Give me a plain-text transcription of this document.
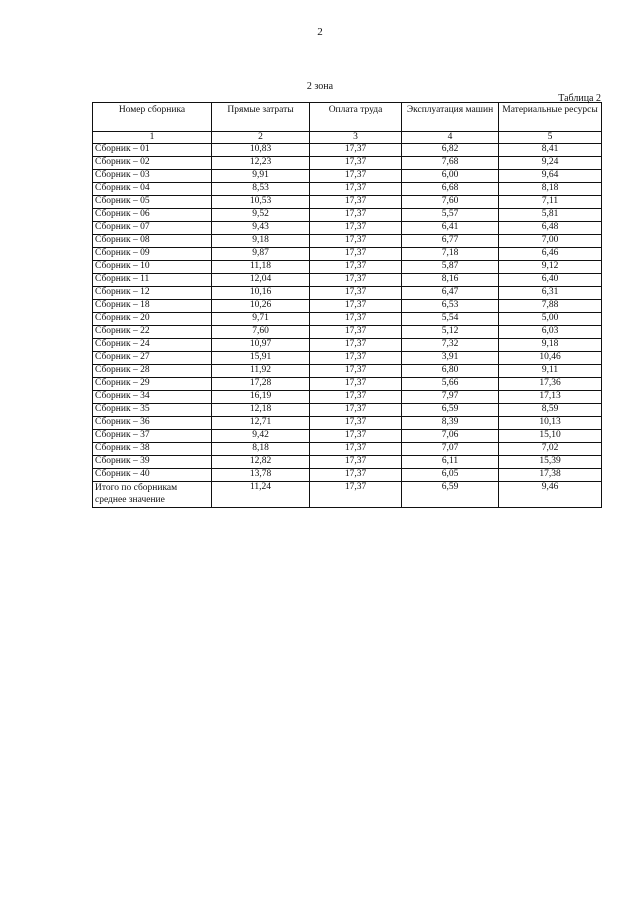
2
2 зона
Таблица 2
Номер сборника	Прямые затраты	Оплата труда	Эксплуатация машин	Материальные ресурсы
1	2	3	4	5
Сборник – 01	10,83	17,37	6,82	8,41
Сборник – 02	12,23	17,37	7,68	9,24
Сборник – 03	9,91	17,37	6,00	9,64
Сборник – 04	8,53	17,37	6,68	8,18
Сборник – 05	10,53	17,37	7,60	7,11
Сборник – 06	9,52	17,37	5,57	5,81
Сборник – 07	9,43	17,37	6,41	6,48
Сборник – 08	9,18	17,37	6,77	7,00
Сборник – 09	9,87	17,37	7,18	6,46
Сборник – 10	11,18	17,37	5,87	9,12
Сборник – 11	12,04	17,37	8,16	6,40
Сборник – 12	10,16	17,37	6,47	6,31
Сборник – 18	10,26	17,37	6,53	7,88
Сборник – 20	9,71	17,37	5,54	5,00
Сборник – 22	7,60	17,37	5,12	6,03
Сборник – 24	10,97	17,37	7,32	9,18
Сборник – 27	15,91	17,37	3,91	10,46
Сборник – 28	11,92	17,37	6,80	9,11
Сборник – 29	17,28	17,37	5,66	17,36
Сборник – 34	16,19	17,37	7,97	17,13
Сборник – 35	12,18	17,37	6,59	8,59
Сборник – 36	12,71	17,37	8,39	10,13
Сборник – 37	9,42	17,37	7,06	15,10
Сборник – 38	8,18	17,37	7,07	7,02
Сборник – 39	12,82	17,37	6,11	15,39
Сборник – 40	13,78	17,37	6,05	17,38
Итого по сборникам
среднее значение	11,24	17,37	6,59	9,46
